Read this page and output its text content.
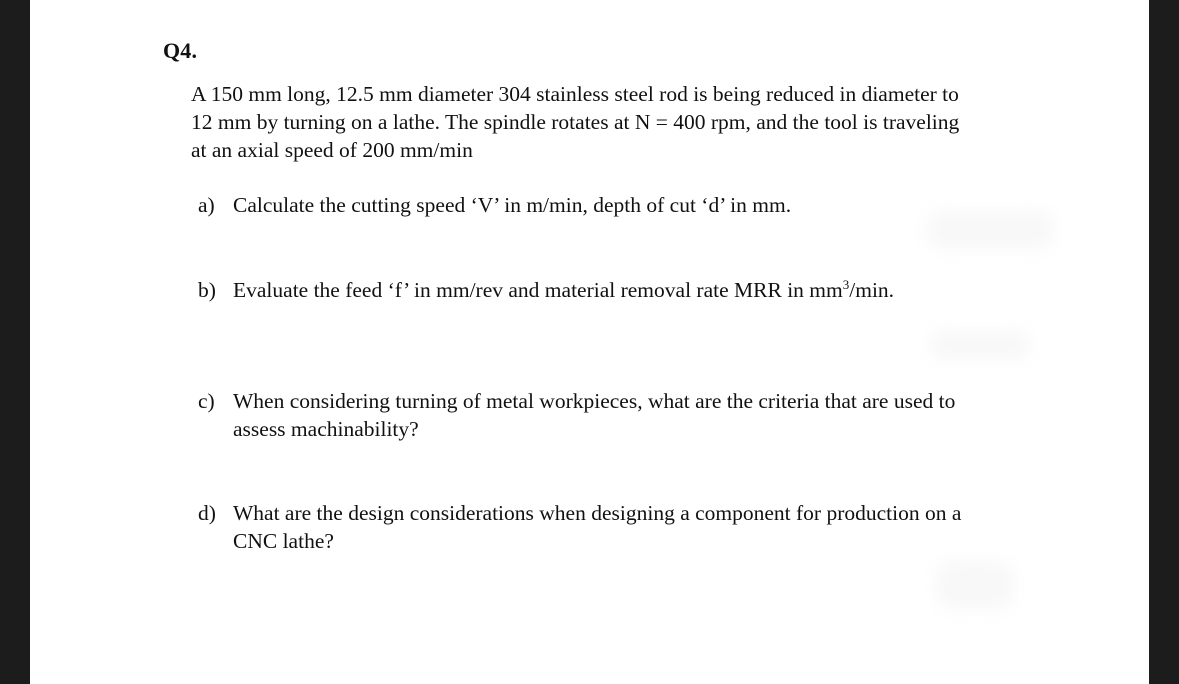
Q4.
A 150 mm long, 12.5 mm diameter 304 stainless steel rod is being reduced in diameter to
12 mm by turning on a lathe. The spindle rotates at N = 400 rpm, and the tool is traveling
at an axial speed of 200 mm/min
a) Calculate the cutting speed ‘V’ in m/min, depth of cut ‘d’ in mm.
b) Evaluate the feed ‘f’ in mm/rev and material removal rate MRR in $mm^3/\min$.
c) When considering turning of metal workpieces, what are the criteria that are used to
assess machinability?
d) What are the design considerations when designing a component for production on a
CNC lathe?
